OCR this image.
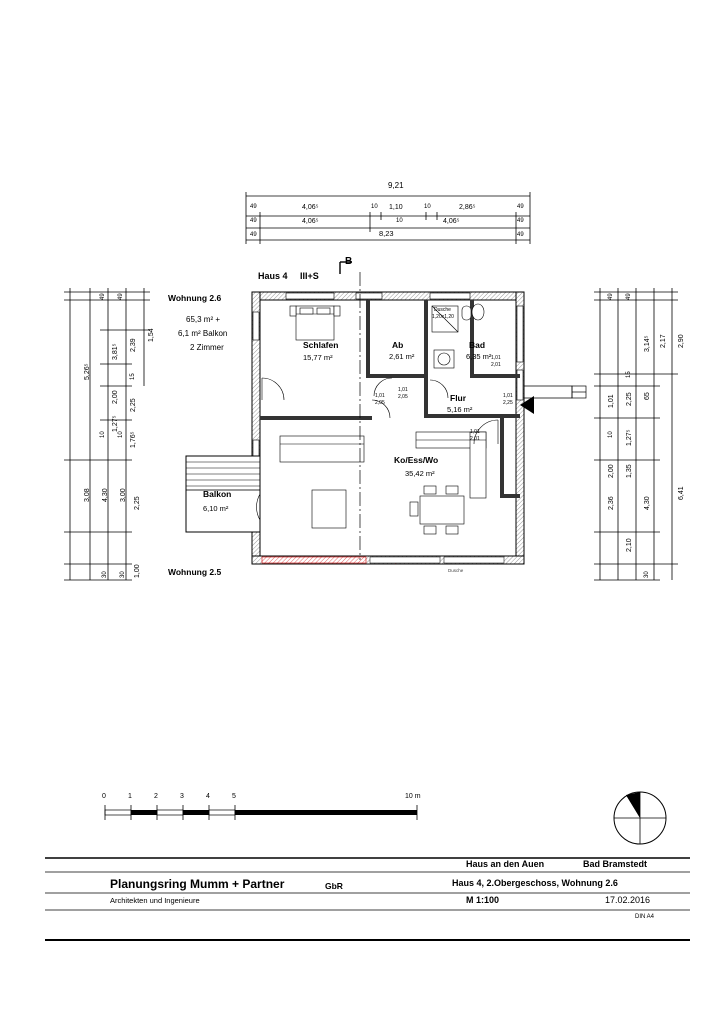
Dusche
9,21
49	4,06⁵	10 1,10	10	2,86⁵	49
49	4,06⁵	10	4,06⁵	49
49	8,23	49
Haus 4 III+S
B
Wohnung 2.6
65,3 m² +
6,1 m² Balkon
2 Zimmer
Wohnung 2.5
Schlafen
15,77 m²
Ab
2,61 m²
Bad
6,35 m²
Flur
5,16 m²
Ko/Ess/Wo
35,42 m²
Balkon
6,10 m²
Dusche
1,20x1,20
1,01
2,05
1,01
2,05
1,01
2,01
1,01
2,25
1,01
2,01
49 49
1,54
2,39
3,81⁵
5,26⁵	15
2,25
2,00
10 10
1,27⁵
1,76⁵
3,08 4,30 3,00
2,25
30 30 1,00
49 49
2,90
2,17
3,14⁵
15
65
2,25
1,01
10 1,27⁵
2,00 1,35
2,36	4,30
6,41
2,10
30
0	1	2	3	4	5	10 m
Haus an den Auen	Bad Bramstedt
Planungsring Mumm + Partner	GbR
Architekten und Ingenieure
Haus 4, 2.Obergeschoss, Wohnung 2.6
M 1:100	17.02.2016
DIN A4
